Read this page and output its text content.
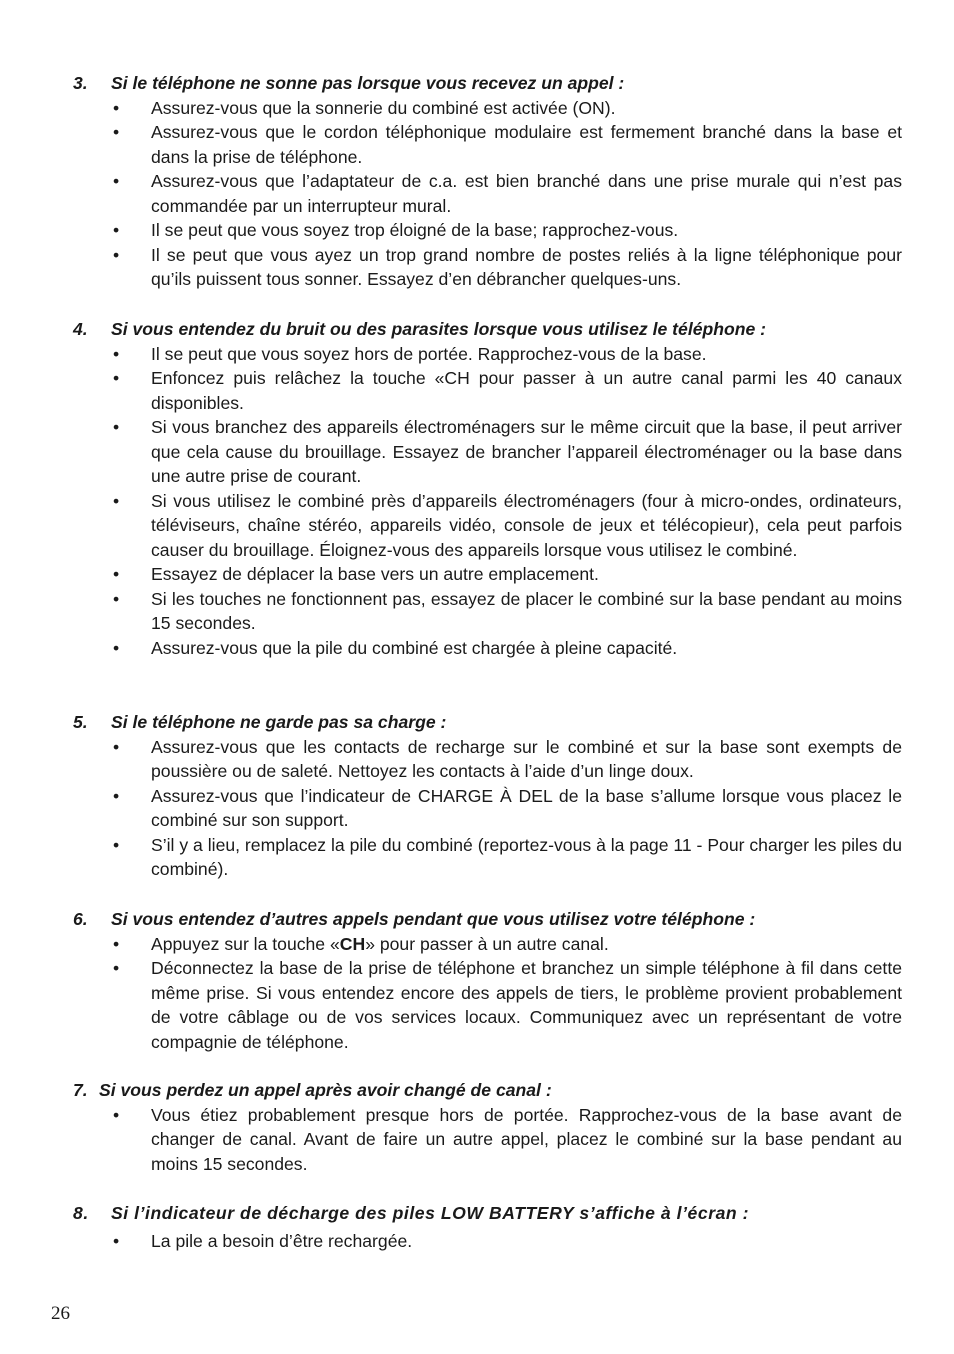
3. Si le téléphone ne sonne pas lorsque vous recevez un appel :
• Assurez-vous que la sonnerie du combiné est activée (ON).
• Assurez-vous que le cordon téléphonique modulaire est fermement branché dans la base et dans la prise de téléphone.
• Assurez-vous que l’adaptateur de c.a. est bien branché dans une prise murale qui n’est pas commandée par un interrupteur mural.
• Il se peut que vous soyez trop éloigné de la base; rapprochez-vous.
• Il se peut que vous ayez un trop grand nombre de postes reliés à la ligne téléphonique pour qu’ils puissent tous sonner. Essayez d’en débrancher quelques-uns.
4. Si vous entendez du bruit ou des parasites lorsque vous utilisez le téléphone :
• Il se peut que vous soyez hors de portée. Rapprochez-vous de la base.
• Enfoncez puis relâchez la touche «CH pour passer à un autre canal parmi les 40 canaux disponibles.
• Si vous branchez des appareils électroménagers sur le même circuit que la base, il peut arriver que cela cause du brouillage. Essayez de brancher l’appareil électroménager ou la base dans une autre prise de courant.
• Si vous utilisez le combiné près d’appareils électroménagers (four à micro-ondes, ordinateurs, téléviseurs, chaîne stéréo, appareils vidéo, console de jeux et télécopieur), cela peut parfois causer du brouillage. Éloignez-vous des appareils lorsque vous utilisez le combiné.
• Essayez de déplacer la base vers un autre emplacement.
• Si les touches ne fonctionnent pas, essayez de placer le combiné sur la base pendant au moins 15 secondes.
• Assurez-vous que la pile du combiné est chargée à pleine capacité.
5. Si le téléphone ne garde pas sa charge :
• Assurez-vous que les contacts de recharge sur le combiné et sur la base sont exempts de poussière ou de saleté. Nettoyez les contacts à l’aide d’un linge doux.
• Assurez-vous que l’indicateur de CHARGE À DEL de la base s’allume lorsque vous placez le combiné sur son support.
• S’il y a lieu, remplacez la pile du combiné (reportez-vous à la page 11 - Pour charger les piles du combiné).
6. Si vous entendez d’autres appels pendant que vous utilisez votre téléphone :
• Appuyez sur la touche «CH» pour passer à un autre canal.
• Déconnectez la base de la prise de téléphone et branchez un simple téléphone à fil dans cette même prise. Si vous entendez encore des appels de tiers, le problème provient probablement de votre câblage ou de vos services locaux. Communiquez avec un représentant de votre compagnie de téléphone.
7. Si vous perdez un appel après avoir changé de canal :
• Vous étiez probablement presque hors de portée. Rapprochez-vous de la base avant de changer de canal. Avant de faire un autre appel, placez le combiné sur la base pendant au moins 15 secondes.
8. Si l’indicateur de décharge des piles LOW BATTERY s’affiche à l’écran :
• La pile a besoin d’être rechargée.
26
